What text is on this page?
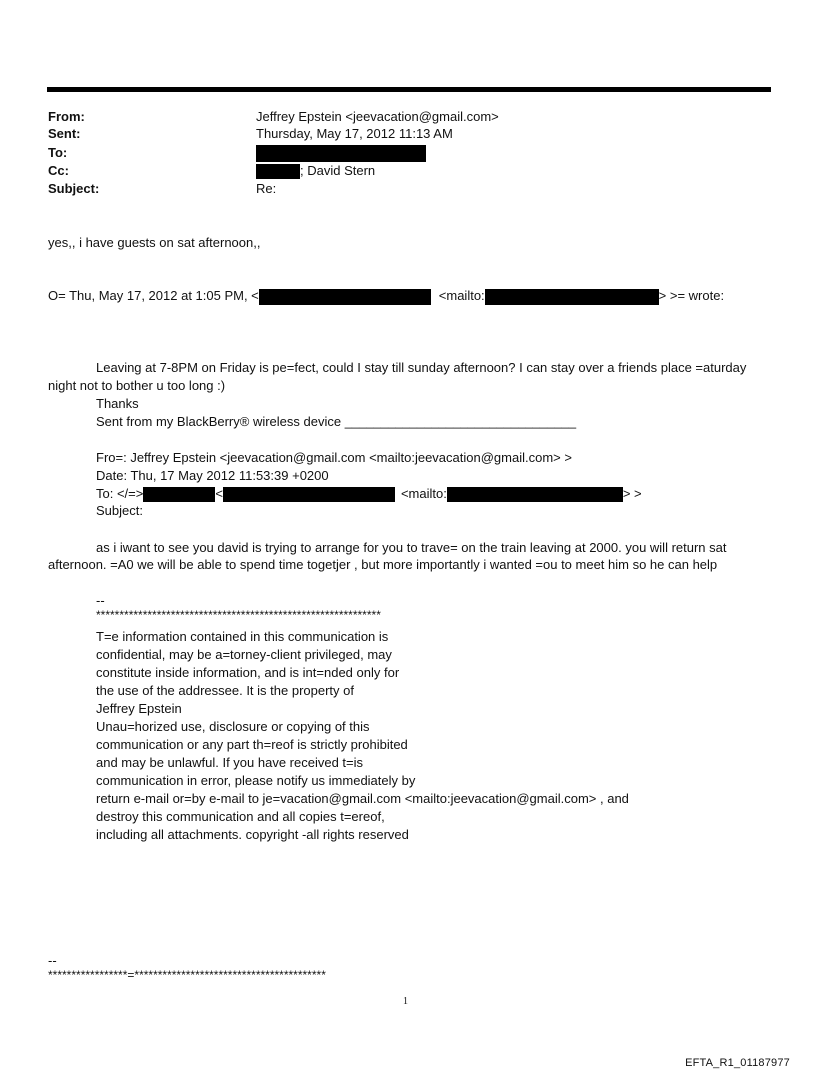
From:	Jeffrey Epstein <jeevacation@gmail.com>
Sent:	Thursday, May 17, 2012 11:13 AM
To:
Cc:	; David Stern
Subject:	Re:
yes,, i have guests on sat afternoon,,
O= Thu, May 17, 2012 at 1:05 PM, <	<mailto:	> >= wrote:
Leaving at 7-8PM on Friday is pe=fect, could I stay till sunday afternoon? I can stay over a friends place =aturday
night not to bother u too long :)
Thanks
Sent from my BlackBerry® wireless device ________________________________
Fro=: Jeffrey Epstein <jeevacation@gmail.com <mailto:jeevacation@gmail.com> >
Date: Thu, 17 May 2012 11:53:39 +0200
To: </=>	<	<mailto:	> >
Subject:
as i iwant to see you david is trying to arrange for you to trave= on the train leaving at 2000. you will return sat
afternoon. =A0 we will be able to spend time togetjer , but more importantly i wanted =ou to meet him so he can help
--
*************************************************************
T=e information contained in this communication is
confidential, may be a=torney-client privileged, may
constitute inside information, and is int=nded only for
the use of the addressee. It is the property of
Jeffrey Epstein
Unau=horized use, disclosure or copying of this
communication or any part th=reof is strictly prohibited
and may be unlawful. If you have received t=is
communication in error, please notify us immediately by
return e-mail or=by e-mail to je=vacation@gmail.com <mailto:jeevacation@gmail.com> , and
destroy this communication and all copies t=ereof,
including all attachments. copyright -all rights reserved
--
*****************=*****************************************
1
EFTA_R1_01187977
